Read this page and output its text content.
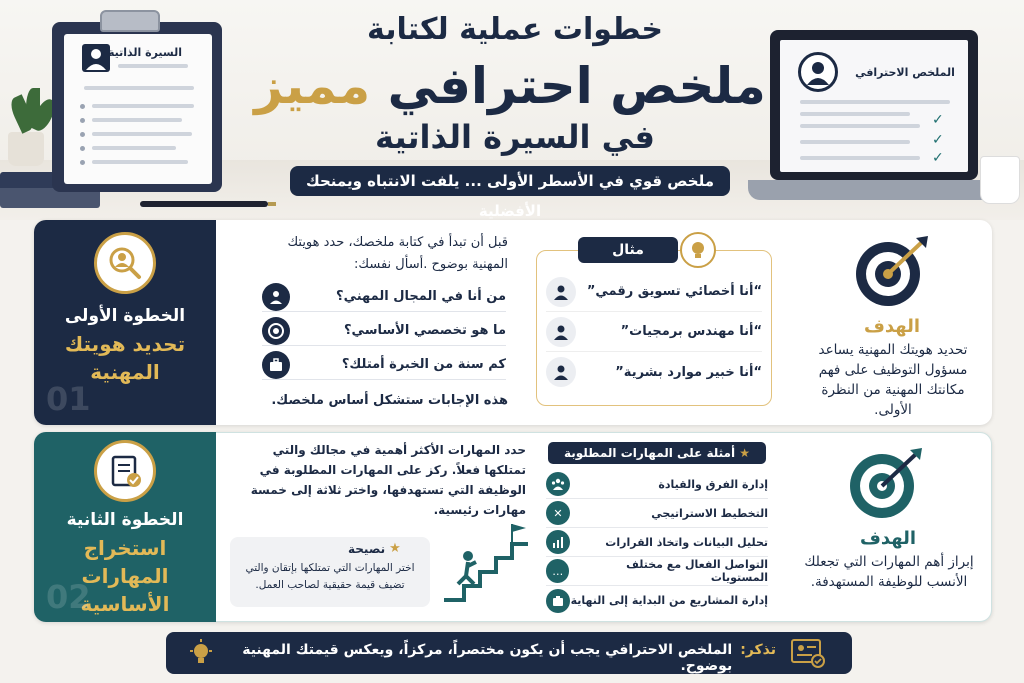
السيرة الذاتية
خطوات عملية لكتابة
ملخص احترافي مميز
في السيرة الذاتية
ملخص قوي في الأسطر الأولى ... يلفت الانتباه ويمنحك الأفضلية
الملخص الاحترافي
✓
✓
✓
الخطوة الأولى
تحديد هويتك المهنية
01
قبل أن تبدأ في كتابة ملخصك، حدد هويتك المهنية بوضوح .أسأل نفسك:
من أنا في المجال المهني؟
ما هو تخصصي الأساسي؟
كم سنة من الخبرة أمتلك؟
هذه الإجابات ستشكل أساس ملخصك.
مثال
“أنا أخصائي تسويق رقمي”
“أنا مهندس برمجيات”
“أنا خبير موارد بشرية”
الهدف
تحديد هويتك المهنية يساعد مسؤول التوظيف على فهم مكانتك المهنية من النظرة الأولى.
الخطوة الثانية
استخراج المهارات الأساسية
02
حدد المهارات الأكثر أهمية في مجالك والتي تمتلكها فعلاً. ركز على المهارات المطلوبة في الوظيفة التي تستهدفها، واختر ثلاثة إلى خمسة مهارات رئيسية.
★
نصيحة
اختر المهارات التي تمتلكها بإتقان والتي تضيف قيمة حقيقية لصاحب العمل.
★ أمثلة على المهارات المطلوبة
إدارة الفرق والقيادة
التخطيط الاستراتيجي
✕
تحليل البيانات واتخاذ القرارات
التواصل الفعال مع مختلف المستويات
…
إدارة المشاريع من البداية إلى النهاية
الهدف
إبراز أهم المهارات التي تجعلك الأنسب للوظيفة المستهدفة.
تذكر:
الملخص الاحترافي يجب أن يكون مختصراً، مركزاً، ويعكس قيمتك المهنية بوضوح.
